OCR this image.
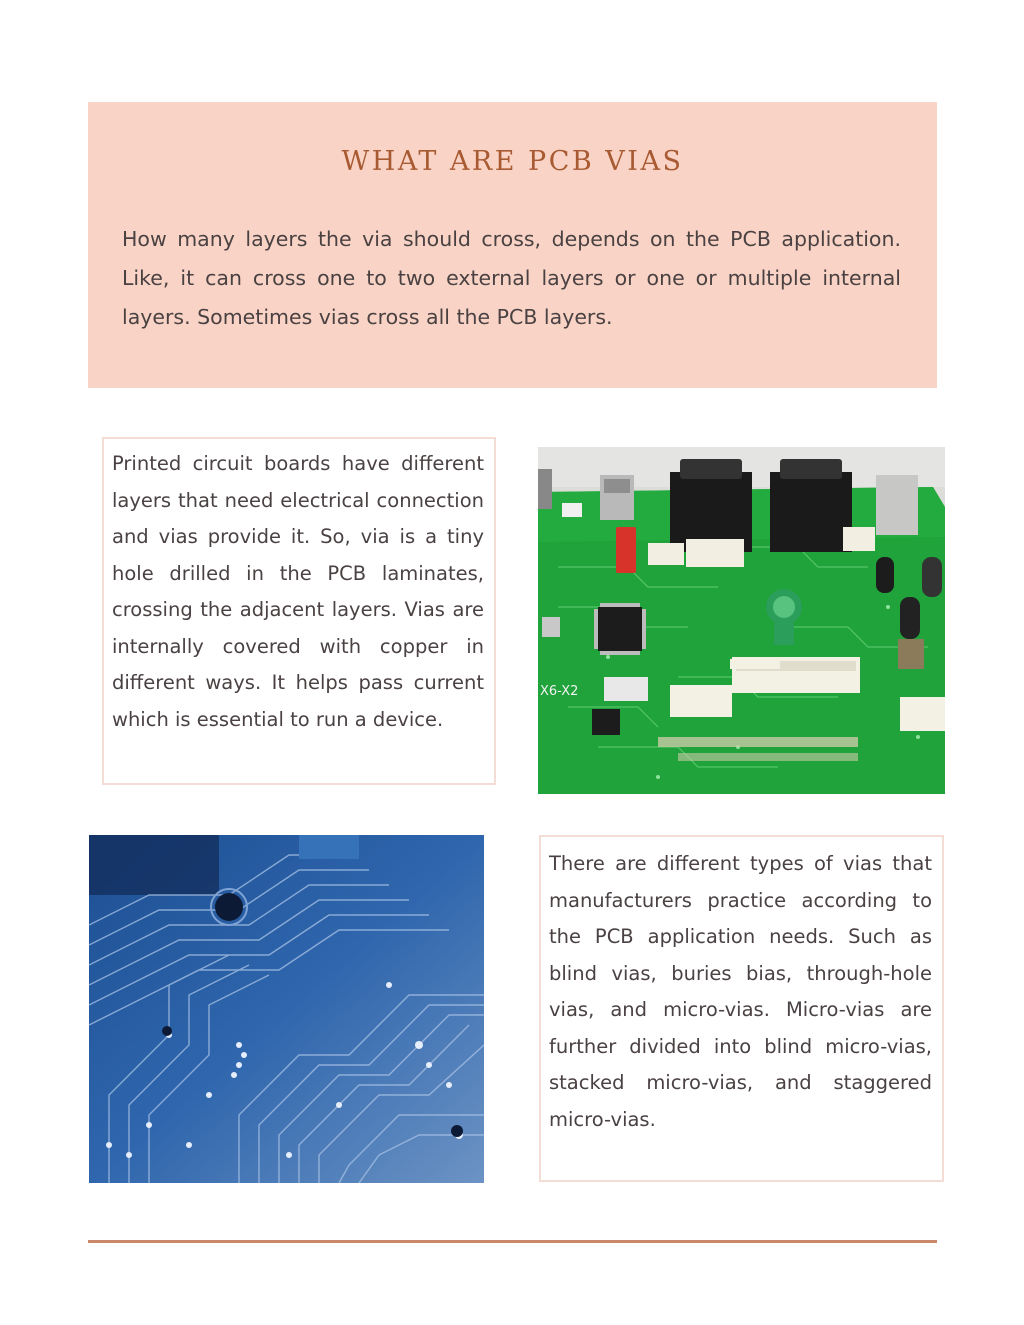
WHAT ARE PCB VIAS

How many layers the via should cross, depends on the PCB application. Like, it can cross one to two external layers or one or multiple internal layers. Sometimes vias cross all the PCB layers.

Printed circuit boards have different layers that need electrical connection and vias provide it. So, via is a tiny hole drilled in the PCB laminates, crossing the adjacent layers. Vias are internally covered with copper in different ways. It helps pass current which is essential to run a device.

X6-X2

There are different types of vias that manufacturers practice according to the PCB application needs. Such as blind vias, buries bias, through-hole vias, and micro-vias. Micro-vias are further divided into blind micro-vias, stacked micro-vias, and staggered micro-vias.
